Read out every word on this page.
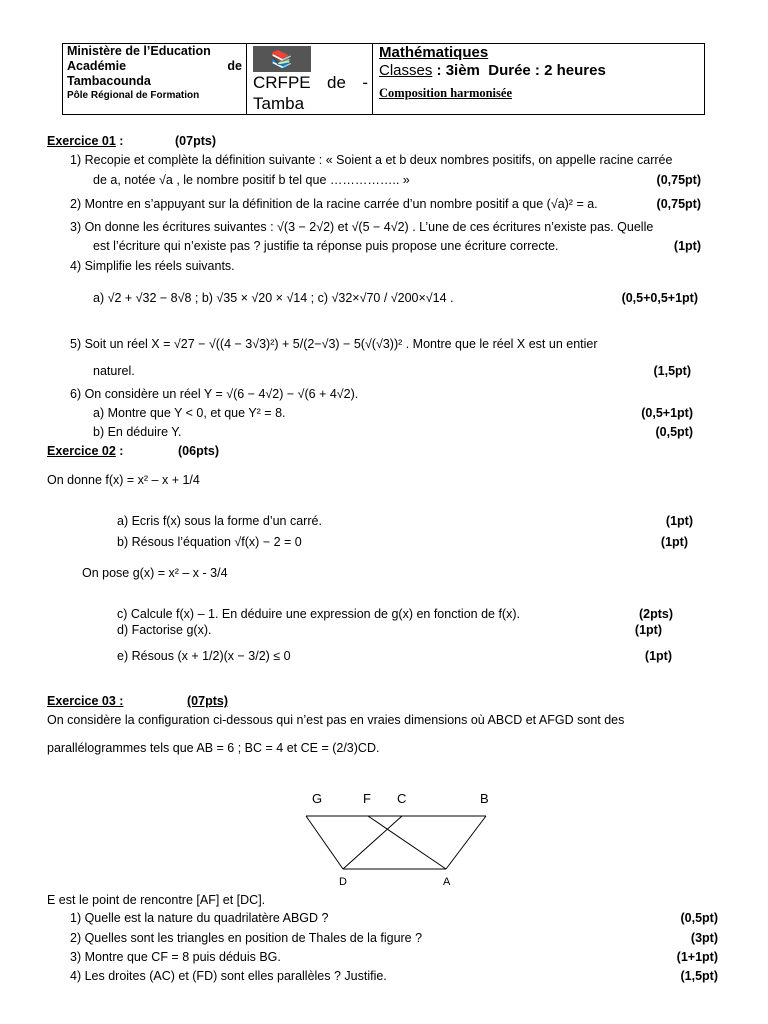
Ministère de l’Education
Académie	de
Tambacounda
Pôle Régional de Formation
📚
CRFPE de -
Tamba
Mathématiques
Classes : 3ièm Durée : 2 heures
Composition harmonisée
Exercice 01 :	(07pts)
1) Recopie et complète la définition suivante : « Soient a et b deux nombres positifs, on appelle racine carrée
de a, notée √a , le nombre positif b tel que …………….. »	(0,75pt)
2) Montre en s’appuyant sur la définition de la racine carrée d’un nombre positif a que (√a)² = a.	(0,75pt)
3) On donne les écritures suivantes : √(3 − 2√2) et √(5 − 4√2) . L’une de ces écritures n’existe pas. Quelle
est l’écriture qui n’existe pas ? justifie ta réponse puis propose une écriture correcte.	(1pt)
4) Simplifie les réels suivants.
a) √2 + √32 − 8√8 ; b) √35 × √20 × √14 ; c) √32×√70 / √200×√14 .	(0,5+0,5+1pt)
5) Soit un réel X = √27 − √((4 − 3√3)²) + 5/(2−√3) − 5(√(√3))² . Montre que le réel X est un entier
naturel.	(1,5pt)
6) On considère un réel Y = √(6 − 4√2) − √(6 + 4√2).
a) Montre que Y < 0, et que Y² = 8.	(0,5+1pt)
b) En déduire Y.	(0,5pt)
Exercice 02 :	(06pts)
On donne f(x) = x² – x + 1/4
a) Ecris f(x) sous la forme d’un carré.	(1pt)
b) Résous l’équation √f(x) − 2 = 0	(1pt)
On pose g(x) = x² – x - 3/4
c) Calcule f(x) – 1. En déduire une expression de g(x) en fonction de f(x).	(2pts)
d) Factorise g(x).	(1pt)
e) Résous (x + 1/2)(x − 3/2) ≤ 0	(1pt)
Exercice 03 :	(07pts)
On considère la configuration ci-dessous qui n’est pas en vraies dimensions où ABCD et AFGD sont des
parallélogrammes tels que AB = 6 ; BC = 4 et CE = (2/3)CD.
G	F C	B
D	A
E est le point de rencontre [AF] et [DC].
1) Quelle est la nature du quadrilatère ABGD ?	(0,5pt)
2) Quelles sont les triangles en position de Thales de la figure ?	(3pt)
3) Montre que CF = 8 puis déduis BG.	(1+1pt)
4) Les droites (AC) et (FD) sont elles parallèles ? Justifie.	(1,5pt)
